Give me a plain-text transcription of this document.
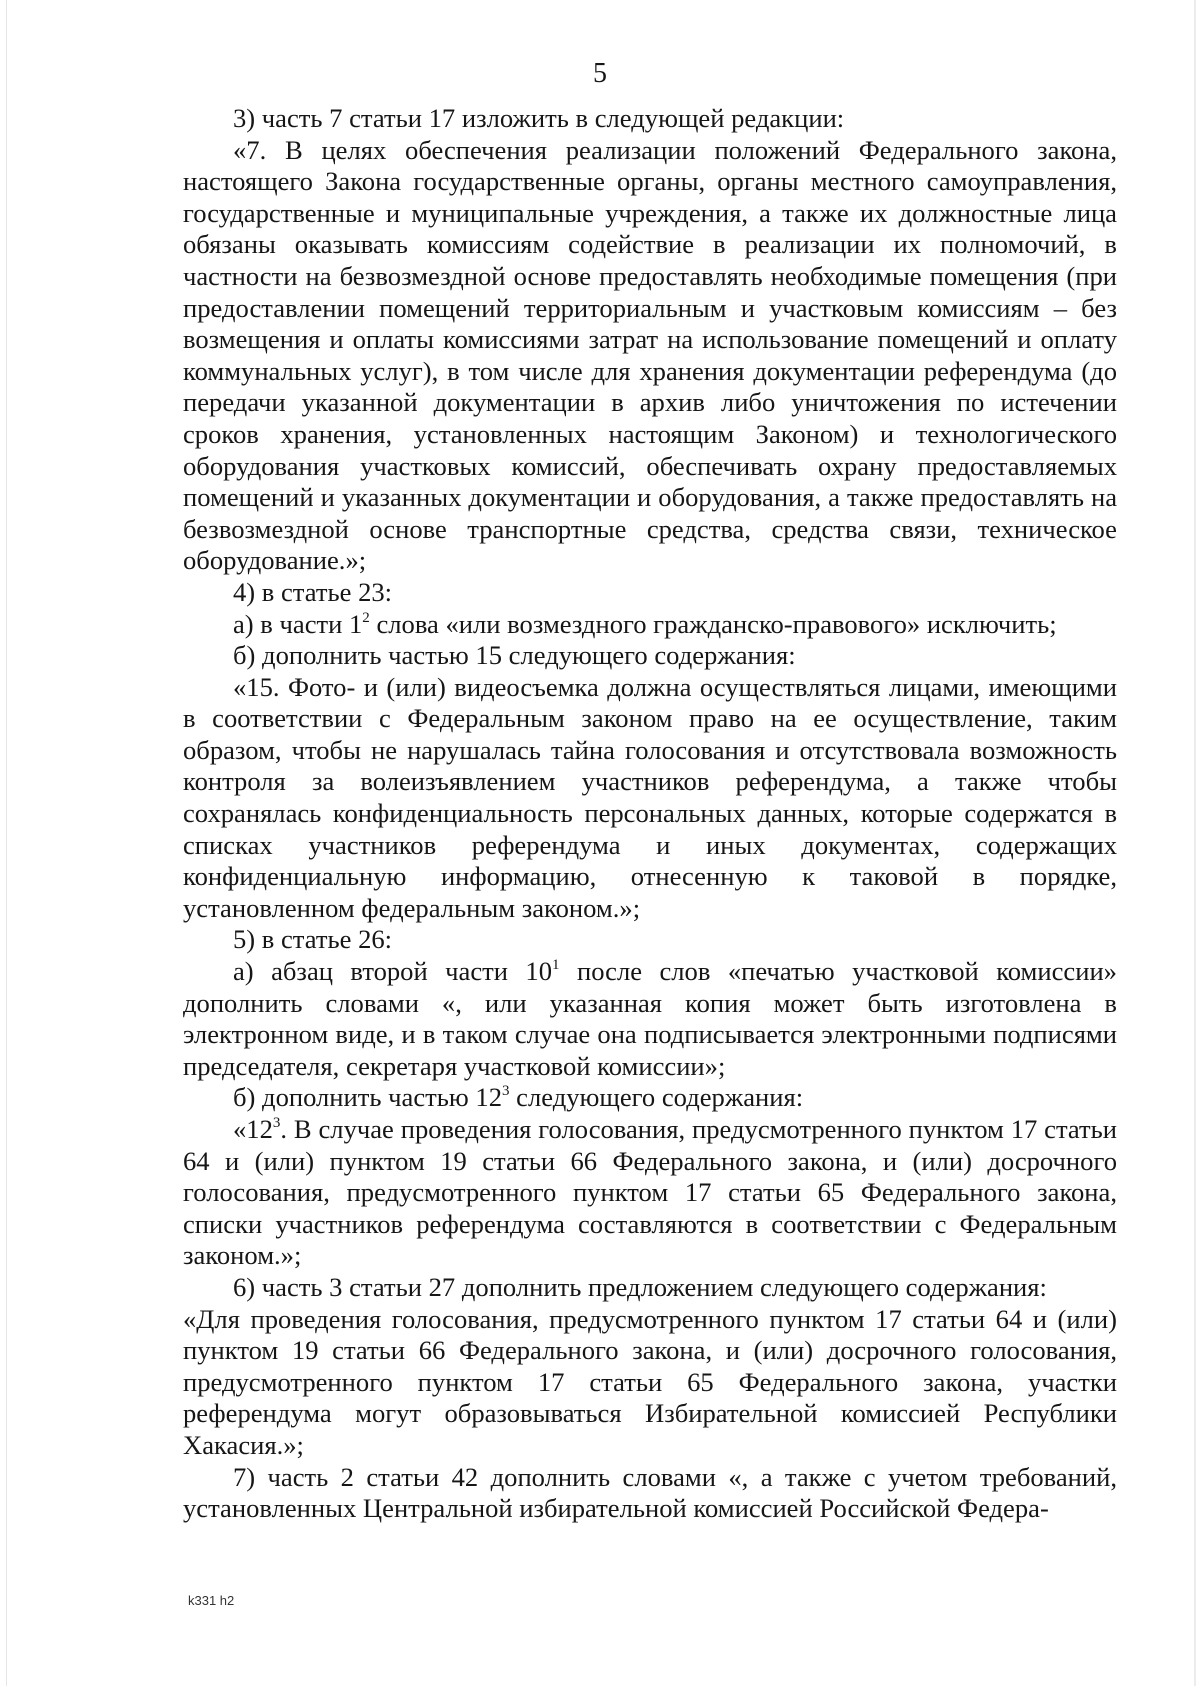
5

3) часть 7 статьи 17 изложить в следующей редакции:

«7. В целях обеспечения реализации положений Федерального закона, настоящего Закона государственные органы, органы местного самоуправления, государственные и муниципальные учреждения, а также их должностные лица обязаны оказывать комиссиям содействие в реализации их полномочий, в частности на безвозмездной основе предоставлять необходимые помещения (при предоставлении помещений территориальным и участковым комиссиям – без возмещения и оплаты комиссиями затрат на использование помещений и оплату коммунальных услуг), в том числе для хранения документации референдума (до передачи указанной документации в архив либо уничтожения по истечении сроков хранения, установленных настоящим Законом) и технологического оборудования участковых комиссий, обеспечивать охрану предоставляемых помещений и указанных документации и оборудования, а также предоставлять на безвозмездной основе транспортные средства, средства связи, техническое оборудование.»;

4) в статье 23:

а) в части $1^2$ слова «или возмездного гражданско-правового» исключить;

б) дополнить частью 15 следующего содержания:

«15. Фото- и (или) видеосъемка должна осуществляться лицами, имеющими в соответствии с Федеральным законом право на ее осуществление, таким образом, чтобы не нарушалась тайна голосования и отсутствовала возможность контроля за волеизъявлением участников референдума, а также чтобы сохранялась конфиденциальность персональных данных, которые содержатся в списках участников референдума и иных документах, содержащих конфиденциальную информацию, отнесенную к таковой в порядке, установленном федеральным законом.»;

5) в статье 26:

а) абзац второй части $10^1$ после слов «печатью участковой комиссии» дополнить словами «, или указанная копия может быть изготовлена в электронном виде, и в таком случае она подписывается электронными подписями председателя, секретаря участковой комиссии»;

б) дополнить частью $12^3$ следующего содержания:

«$12^3$. В случае проведения голосования, предусмотренного пунктом 17 статьи 64 и (или) пунктом 19 статьи 66 Федерального закона, и (или) досрочного голосования, предусмотренного пунктом 17 статьи 65 Федерального закона, списки участников референдума составляются в соответствии с Федеральным законом.»;

6) часть 3 статьи 27 дополнить предложением следующего содержания:

«Для проведения голосования, предусмотренного пунктом 17 статьи 64 и (или) пунктом 19 статьи 66 Федерального закона, и (или) досрочного голосования, предусмотренного пунктом 17 статьи 65 Федерального закона, участки референдума могут образовываться Избирательной комиссией Республики Хакасия.»;

7) часть 2 статьи 42 дополнить словами «, а также с учетом требований, установленных Центральной избирательной комиссией Российской Федера-

k331 h2
